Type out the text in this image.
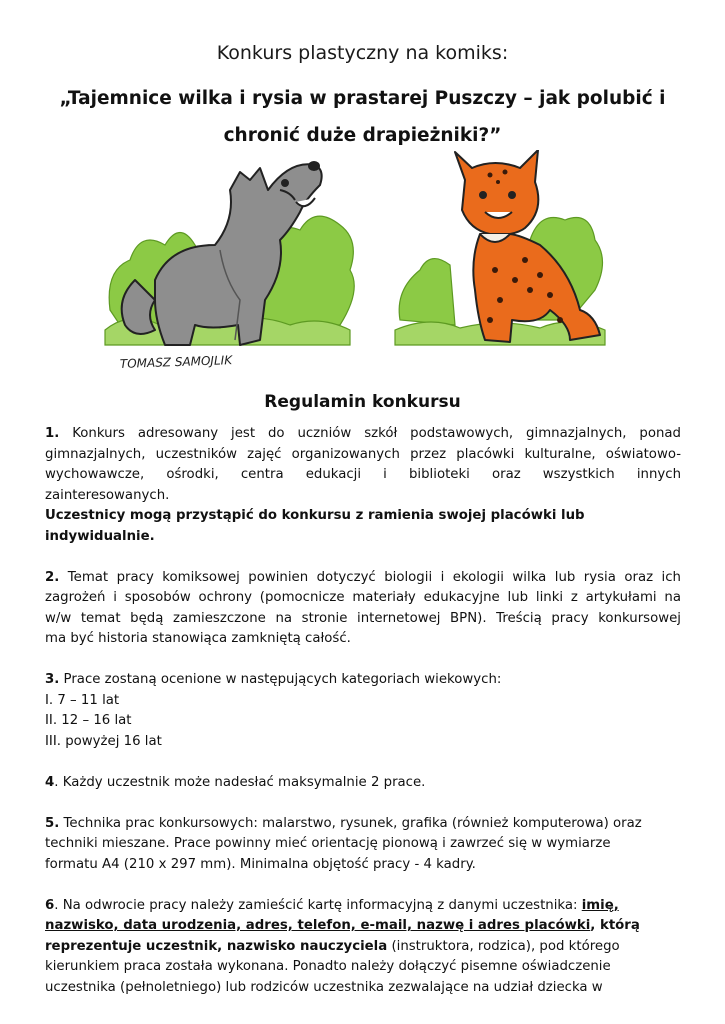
Konkurs plastyczny na komiks:
„Tajemnice wilka i rysia w prastarej Puszczy – jak polubić i chronić duże drapieżniki?”
TOMASZ SAMOJLIK
Regulamin konkursu

1. Konkurs adresowany jest do uczniów szkół podstawowych, gimnazjalnych, ponad

gimnazjalnych, uczestników zajęć organizowanych przez placówki kulturalne, oświatowo-

wychowawcze, ośrodki, centra edukacji i biblioteki oraz wszystkich innych

zainteresowanych.

Uczestnicy mogą przystąpić do konkursu z ramienia swojej placówki lub indywidualnie.

2. Temat pracy komiksowej powinien dotyczyć biologii i ekologii wilka lub rysia oraz ich

zagrożeń i sposobów ochrony (pomocnicze materiały edukacyjne lub linki z artykułami na

w/w temat będą zamieszczone na stronie internetowej BPN). Treścią pracy konkursowej

ma być historia stanowiąca zamkniętą całość.

3. Prace zostaną ocenione w następujących kategoriach wiekowych:

I. 7 – 11 lat

II. 12 – 16 lat

III. powyżej 16 lat

4. Każdy uczestnik może nadesłać maksymalnie 2 prace.

5. Technika prac konkursowych: malarstwo, rysunek, grafika (również komputerowa) oraz

techniki mieszane. Prace powinny mieć orientację pionową i zawrzeć się w wymiarze

formatu A4 (210 x 297 mm). Minimalna objętość pracy - 4 kadry.

6. Na odwrocie pracy należy zamieścić kartę informacyjną z danymi uczestnika: imię,

nazwisko, data urodzenia, adres, telefon, e-mail, nazwę i adres placówki, którą

reprezentuje uczestnik, nazwisko nauczyciela (instruktora, rodzica), pod którego

kierunkiem praca została wykonana. Ponadto należy dołączyć pisemne oświadczenie

uczestnika (pełnoletniego) lub rodziców uczestnika zezwalające na udział dziecka w
